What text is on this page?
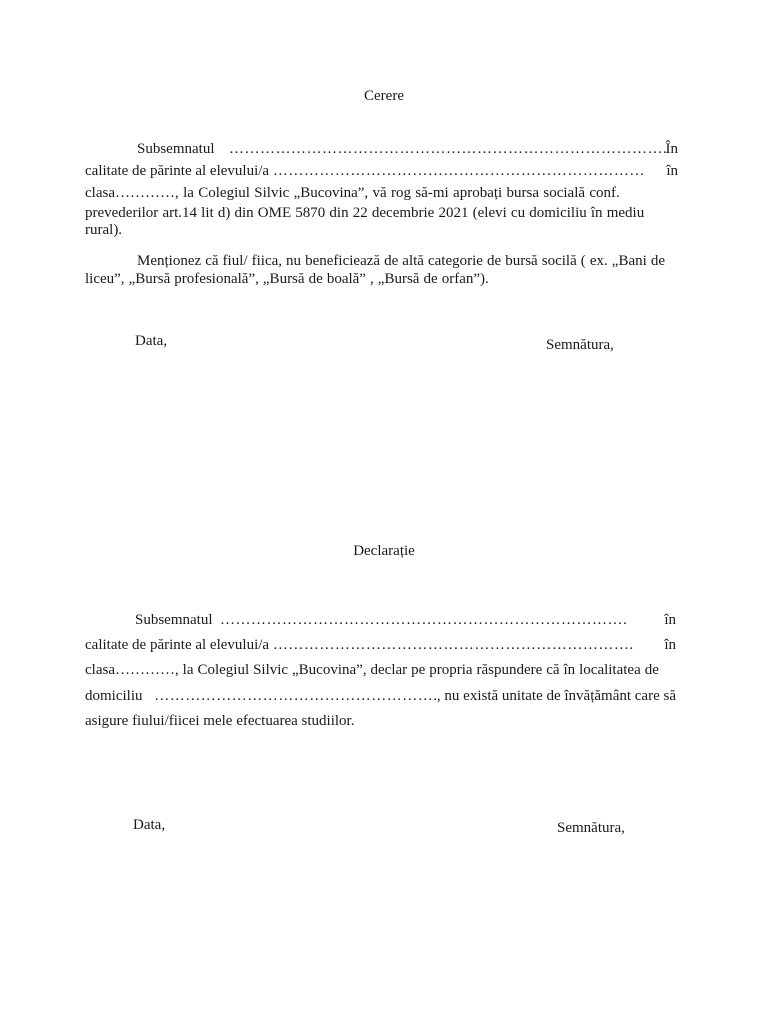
Cerere
Subsemnatul ………………………………………………………………………….
În
calitate de părinte al elevului/a ……………………………………………………………… în
clasa…………, la Colegiul Silvic „Bucovina”, vă rog să-mi aprobați bursa socială conf.
prevederilor art.14 lit d) din OME 5870 din 22 decembrie 2021 (elevi cu domiciliu în mediu
rural).
Menționez că fiul/ fiica, nu beneficiează de altă categorie de bursă socilă ( ex. „Bani de
liceu”, „Bursă profesională”, „Bursă de boală” , „Bursă de orfan”).
Data,	Semnătura,
Declarație
Subsemnatul ……………………………………………………………………. în
calitate de părinte al elevului/a ……………………………………………………………. în
clasa…………, la Colegiul Silvic „Bucovina”, declar pe propria răspundere că în localitatea de
domiciliu ………………………………………………. , nu există unitate de învățământ care să
asigure fiului/fiicei mele efectuarea studiilor.
Data,	Semnătura,
